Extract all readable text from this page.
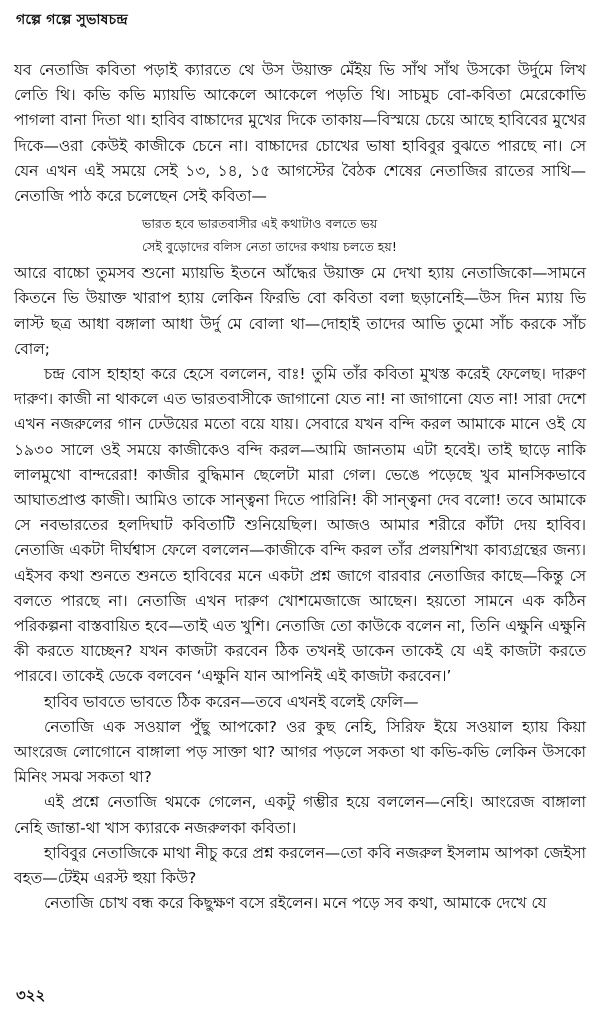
গল্পে গল্পে সুভাষচন্দ্র

যব নেতাজি কবিতা পড়াই ক্যারতে থে উস উয়াক্ত মেঁইয় ভি সাঁথ সাঁথ উসকো উর্দুমে লিখ লেতি থি। কভি কভি ম্যায়ভি আকেলে আকেলে পড়তি থি। সাচমুচ বো-কবিতা মেরেকোভি পাগলা বানা দিতা থা। হাবিব বাচ্চাদের মুখের দিকে তাকায়—বিস্ময়ে চেয়ে আছে হাবিবের মুখের দিকে—ওরা কেউই কাজীকে চেনে না। বাচ্চাদের চোখের ভাষা হাবিবুর বুঝতে পারছে না। সে যেন এখন এই সময়ে সেই ১৩, ১৪, ১৫ আগস্টের বৈঠক শেষের নেতাজির রাতের সাথি— নেতাজি পাঠ করে চলেছেন সেই কবিতা—

ভারত হবে ভারতবাসীর এই কথাটাও বলতে ভয়
সেই বুড়োদের বলিস নেতা তাদের কথায় চলতে হয়!

আরে বাচ্চো তুমসব শুনো ম্যায়ভি ইতনে আঁদ্ধের উয়াক্ত মে দেখা হ্যায় নেতাজিকো—সামনে কিতনে ভি উয়াক্ত খারাপ হ্যায় লেকিন ফিরভি বো কবিতা বলা ছড়ানেহি—উস দিন ম্যায় ভি লাস্ট ছত্র আধা বঙ্গালা আধা উর্দু মে বোলা থা—দোহাই তাদের আভি তুমো সাঁচ করকে সাঁচ বোল;

চন্দ্র বোস হাহাহা করে হেসে বললেন, বাঃ! তুমি তাঁর কবিতা মুখস্ত করেই ফেলেছ। দারুণ দারুণ। কাজী না থাকলে এত ভারতবাসীকে জাগানো যেত না! না জাগানো যেত না! সারা দেশে এখন নজরুলের গান ঢেউয়ের মতো বয়ে যায়। সেবারে যখন বন্দি করল আমাকে মানে ওই যে ১৯৩০ সালে ওই সময়ে কাজীকেও বন্দি করল—আমি জানতাম এটা হবেই। তাই ছাড়ে নাকি লালমুখো বান্দরেরা! কাজীর বুদ্ধিমান ছেলেটা মারা গেল। ভেঙে পড়েছে খুব মানসিকভাবে আঘাতপ্রাপ্ত কাজী। আমিও তাকে সান্ত্বনা দিতে পারিনি! কী সান্ত্বনা দেব বলো! তবে আমাকে সে নবভারতের হলদিঘাট কবিতাটি শুনিয়েছিল। আজও আমার শরীরে কাঁটা দেয় হাবিব। নেতাজি একটা দীর্ঘশ্বাস ফেলে বললেন—কাজীকে বন্দি করল তাঁর প্রলয়শিখা কাব্যগ্রন্থের জন্য। এইসব কথা শুনতে শুনতে হাবিবের মনে একটা প্রশ্ন জাগে বারবার নেতাজির কাছে—কিন্তু সে বলতে পারছে না। নেতাজি এখন দারুণ খোশমেজাজে আছেন। হয়তো সামনে এক কঠিন পরিকল্পনা বাস্তবায়িত হবে—তাই এত খুশি। নেতাজি তো কাউকে বলেন না, তিনি এক্ষুনি এক্ষুনি কী করতে যাচ্ছেন? যখন কাজটা করবেন ঠিক তখনই ডাকেন তাকেই যে এই কাজটা করতে পারবে। তাকেই ডেকে বলবেন ‘এক্ষুনি যান আপনিই এই কাজটা করবেন।’

হাবিব ভাবতে ভাবতে ঠিক করেন—তবে এখনই বলেই ফেলি—

নেতাজি এক সওয়াল পুঁছু আপকো? ওর কুছ নেহি, সিরিফ ইয়ে সওয়াল হ্যায় কিয়া আংরেজ লোগোনে বাঙ্গালা পড় সাক্তা থা? আগর পড়লে সকতা থা কভি-কভি লেকিন উসকো মিনিং সমঝ সকতা থা?

এই প্রশ্নে নেতাজি থমকে গেলেন, একটু গম্ভীর হয়ে বললেন—নেহি। আংরেজ বাঙ্গালা নেহি জান্তা-থা খাস ক্যারকে নজরুলকা কবিতা।

হাবিবুর নেতাজিকে মাথা নীচু করে প্রশ্ন করলেন—তো কবি নজরুল ইসলাম আপকা জেইসা বহত—টেইম এরস্ট হুয়া কিউ?

নেতাজি চোখ বন্ধ করে কিছুক্ষণ বসে রইলেন। মনে পড়ে সব কথা, আমাকে দেখে যে

৩২২
